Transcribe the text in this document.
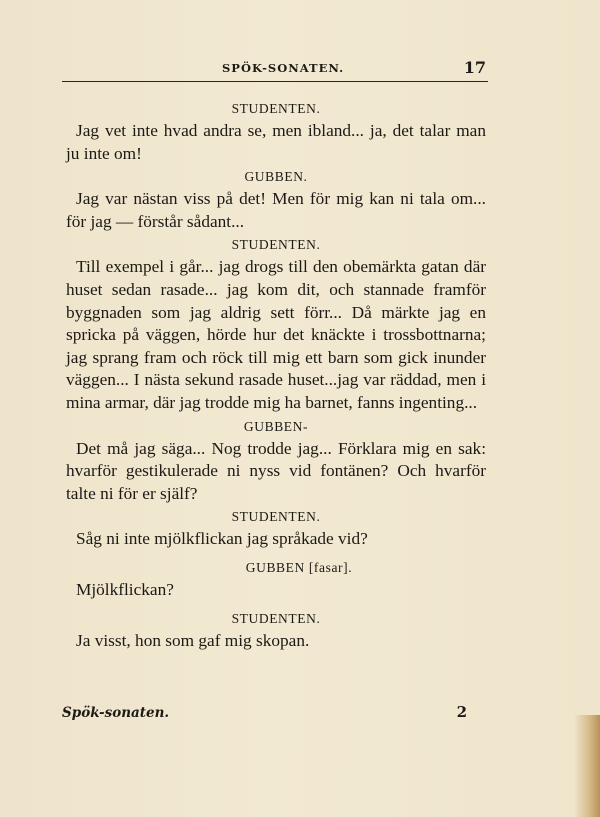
SPÖK-SONATEN.	17

STUDENTEN.

Jag vet inte hvad andra se, men ibland... ja, det talar man ju inte om!

GUBBEN.

Jag var nästan viss på det! Men för mig kan ni tala om... för jag — förstår sådant...

STUDENTEN.

Till exempel i går... jag drogs till den obemärkta gatan där huset sedan rasade... jag kom dit, och stannade framför byggnaden som jag aldrig sett förr... Då märkte jag en spricka på väggen, hörde hur det knäckte i trossbottnarna; jag sprang fram och röck till mig ett barn som gick inunder väggen... I nästa sekund rasade huset...jag var räddad, men i mina armar, där jag trodde mig ha barnet, fanns ingenting...

GUBBEN-

Det må jag säga... Nog trodde jag... Förklara mig en sak: hvarför gestikulerade ni nyss vid fontänen? Och hvarför talte ni för er själf?

STUDENTEN.

Såg ni inte mjölkflickan jag språkade vid?

GUBBEN [fasar].

Mjölkflickan?

STUDENTEN.

Ja visst, hon som gaf mig skopan.

Spök-sonaten.	2
